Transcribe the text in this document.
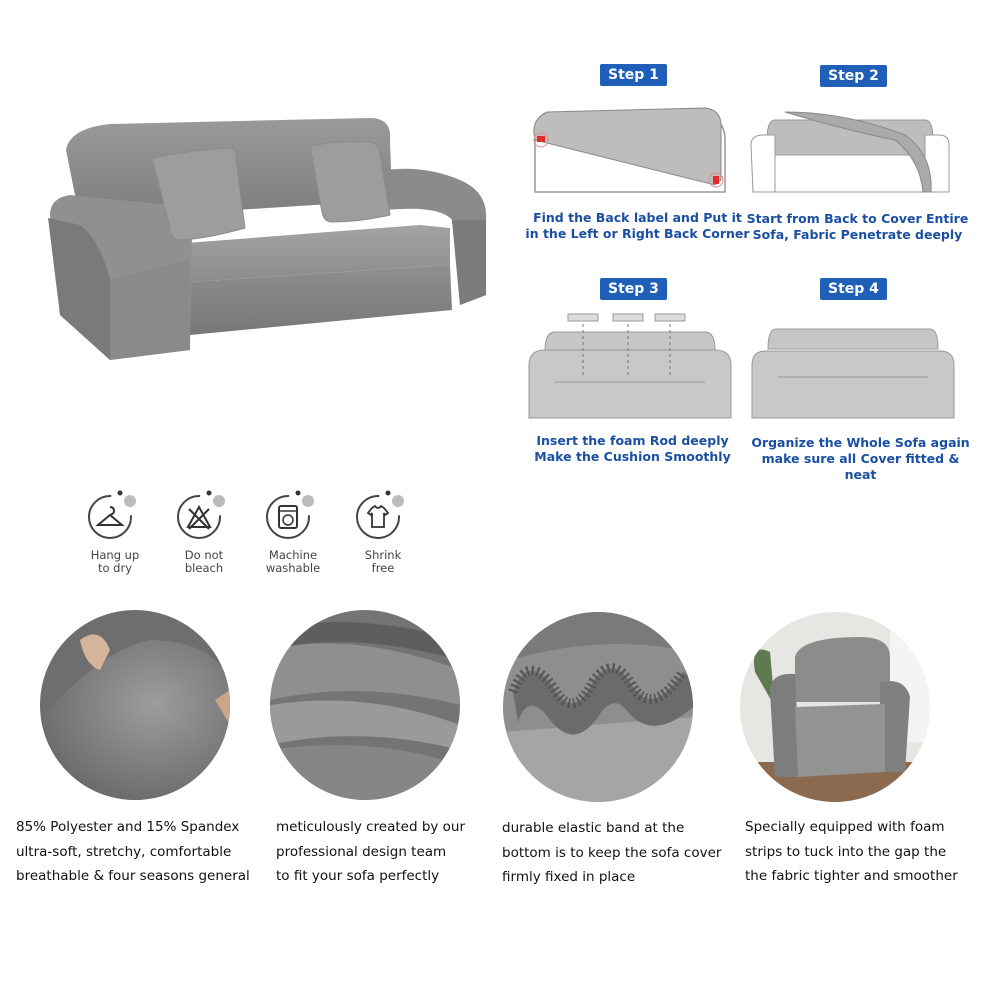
Step 1	Step 2
Step 3	Step 4
Find the Back label and Put it
in the Left or Right Back Corner
Start from Back to Cover Entire
Sofa, Fabric Penetrate deeply
Insert the foam Rod deeply
Make the Cushion Smoothly
Organize the Whole Sofa again
make sure all Cover fitted & neat
Hang up
to dry
Do not
bleach
Machine
washable
Shrink
free
85% Polyester and 15% Spandex
ultra-soft, stretchy, comfortable
breathable & four seasons general
meticulously created by our
professional design team
to fit your sofa perfectly
durable elastic band at the
bottom is to keep the sofa cover
firmly fixed in place
Specially equipped with foam
strips to tuck into the gap the
the fabric tighter and smoother
